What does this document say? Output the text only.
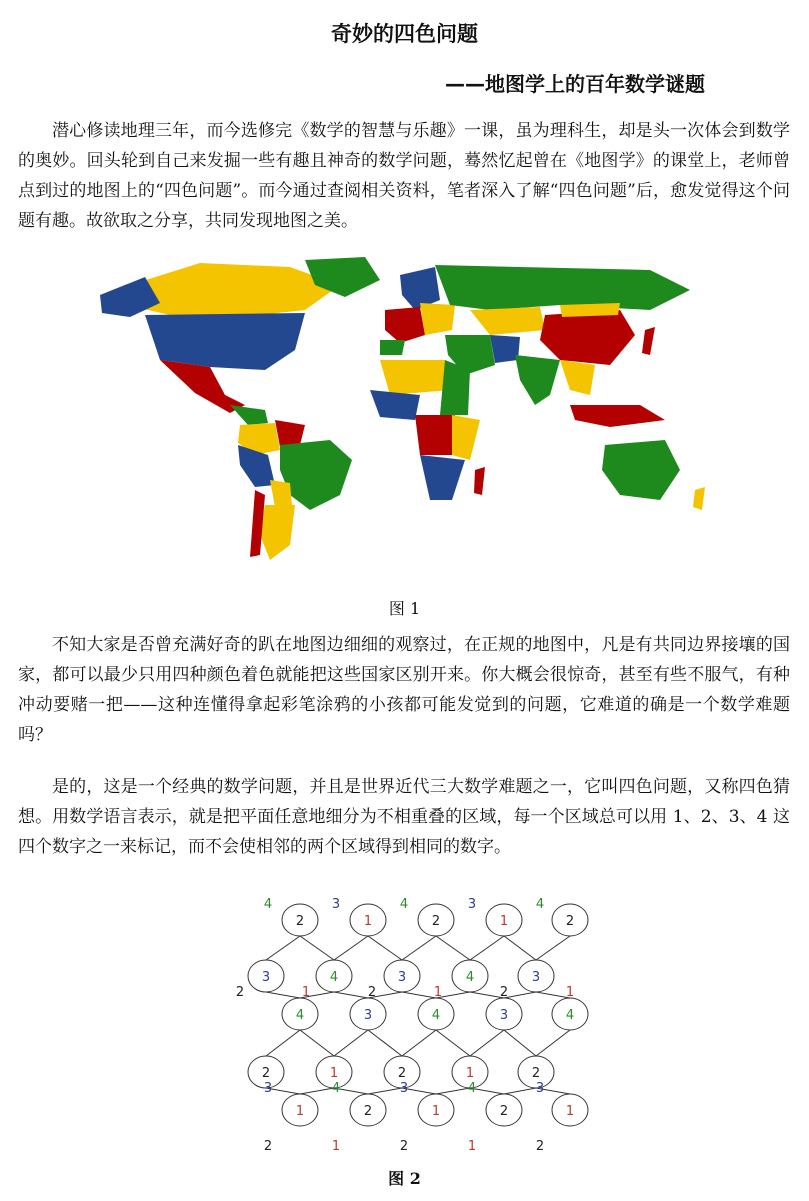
奇妙的四色问题
——地图学上的百年数学谜题

潜心修读地理三年，而今选修完《数学的智慧与乐趣》一课，虽为理科生，却是头一次体会到数学的奥妙。回头轮到自己来发掘一些有趣且神奇的数学问题，蓦然忆起曾在《地图学》的课堂上，老师曾点到过的地图上的“四色问题”。而今通过查阅相关资料，笔者深入了解“四色问题”后，愈发觉得这个问题有趣。故欲取之分享，共同发现地图之美。

图 1

不知大家是否曾充满好奇的趴在地图边细细的观察过，在正规的地图中，凡是有共同边界接壤的国家，都可以最少只用四种颜色着色就能把这些国家区别开来。你大概会很惊奇，甚至有些不服气，有种冲动要赌一把——这种连懂得拿起彩笔涂鸦的小孩都可能发觉到的问题，它难道的确是一个数学难题吗？

是的，这是一个经典的数学问题，并且是世界近代三大数学难题之一，它叫四色问题，又称四色猜想。用数学语言表示，就是把平面任意地细分为不相重叠的区域，每一个区域总可以用 1、2、3、4 这四个数字之一来标记，而不会使相邻的两个区域得到相同的数字。

2	1	2	1	2
3	4	3	4	3
4	3	4	3	4
2	1	2	1	2
1	2	1	2	1
4	3	4	3	4
2	1	2	1	2	1
3	4	3	4	3
2	1	2	1	2
图 2
